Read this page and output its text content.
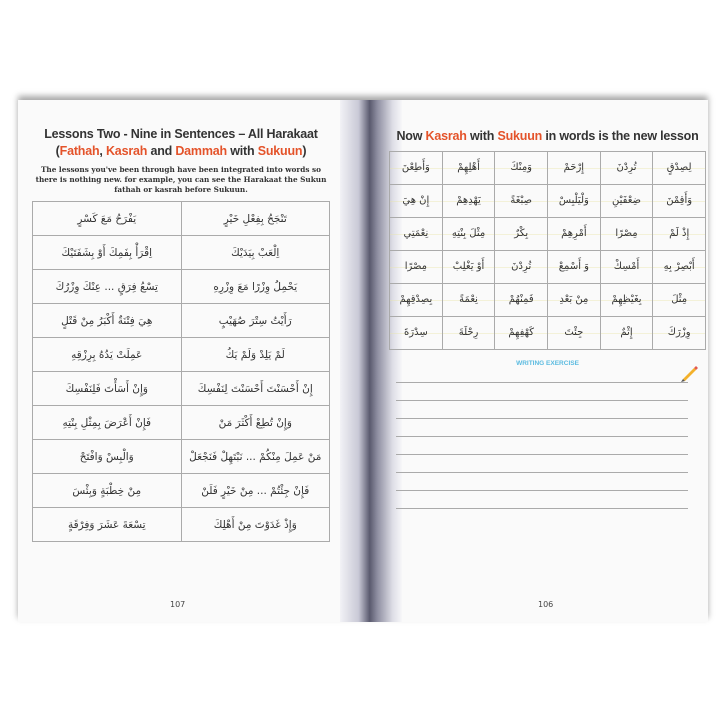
Lessons Two - Nine in Sentences – All Harakaat (Fathah, Kasrah and Dammah with Sukuun)
The lessons you've been through have been integrated into words so there is nothing new. for example, you can see the Harakaat the Sukun fathah or kasrah before Sukuun.
تَنْجَحُ بِفِعْلِ خَيْرٍ	يَفْرَحُ مَعَ كَسْرٍ
اِلْعَبْ بِيَدَيْكَ	اِقْرَأْ بِفَمِكَ أَوْ بِشَفَتَيْكَ
يَحْمِلُ وِزْرًا مَعَ وِزْرِهِ	تِسْعُ فِرَقٍ ... عِنْكَ وِزْرُكَ
رَأَيْتُ سِتْرَ صُهَيْبٍ	هِيَ فِتْنَةٌ أَكْبَرُ مِنْ قَتْلٍ
لَمْ يَلِدْ وَلَمْ يَكُ	عَمِلَتْ يَدُهُ بِرِزْقِهِ
إِنْ أَحْسَنْتَ أَحْسَنْتَ لِنَفْسِكَ	وَإِنْ أَسَأْتَ فَلِنَفْسِكَ
وَإِنْ تُطِعْ أَكْثَرَ مَنْ	فَإِنْ أَعْرَضَ بِمِثْلِ بِنْتِهِ
مَنْ عَمِلَ مِنْكُمْ ... نَبْتَهِلْ فَنَجْعَلْ	وَالْبِسْ وَافْتَحْ
فَإِنْ جِئْتُمْ ... مِنْ خَيْرٍ فَلَنْ	مِنْ خِطْبَةٍ وَبِئْسَ
وَإِذْ غَدَوْتَ مِنْ أَهْلِكَ	تِسْعَةَ عَشَرَ وَفِرْقَةٍ
107
Now Kasrah with Sukuun in words is the new lesson
لِصِدْقٍ	تُرِدْنَ	إِرْحَمْ	وَمِنْكَ	أَهْلِهِمْ	وَأَطِعْنَ
وَأَقِمْنَ	ضِعْفَيْنِ	وَلْيَلْبِسْ	صِبْغَةً	يَهْدِهِمْ	إِنْ هِيَ
إِذْ لَمْ	مِصْرًا	أَمْرِهِمْ	بِكْرٌ	مِثْلَ بِنْتِهِ	نِعْمَتِي
أَبْصِرْ بِهِ	أَمْسِكْ	وَ أَسْمِعْ	تُرِدْنَ	أَوْ يَغْلِبْ	مِصْرًا
مِثْلَ	بِغَيْظِهِمْ	مِنْ بَعْدِ	فَمِنْهُمْ	نِعْمَةً	بِصِدْقِهِمْ
وِزْرَكَ	إِثْمٌ	جِئْتَ	كَهْفِهِمْ	رِحْلَةَ	سِدْرَةَ
WRITING EXERCISE
106
